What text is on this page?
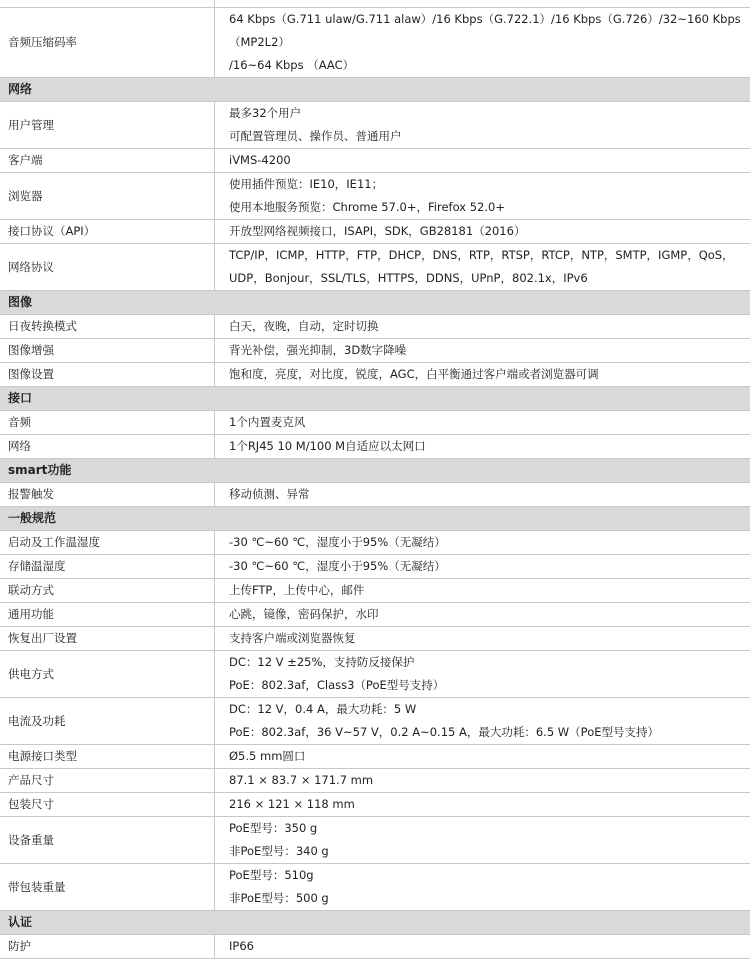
音频压缩码率	64 Kbps（G.711 ulaw/G.711 alaw）/16 Kbps（G.722.1）/16 Kbps（G.726）/32~160 Kbps（MP2L2）
/16~64 Kbps （AAC）

网络	
用户管理	最多32个用户
可配置管理员、操作员、普通用户

客户端	iVMS-4200

浏览器	使用插件预览：IE10，IE11；
使用本地服务预览：Chrome 57.0+，Firefox 52.0+

接口协议（API）	开放型网络视频接口，ISAPI，SDK，GB28181（2016）

网络协议	TCP/IP，ICMP，HTTP，FTP，DHCP，DNS，RTP，RTSP，RTCP，NTP，SMTP，IGMP，QoS，
UDP，Bonjour，SSL/TLS，HTTPS，DDNS，UPnP，802.1x，IPv6

图像	
日夜转换模式	白天，夜晚，自动，定时切换

图像增强	背光补偿，强光抑制，3D数字降噪

图像设置	饱和度，亮度，对比度，锐度，AGC，白平衡通过客户端或者浏览器可调

接口	
音频	1个内置麦克风

网络	1个RJ45 10 M/100 M自适应以太网口

smart功能	
报警触发	移动侦测、异常

一般规范	
启动及工作温湿度	-30 ℃~60 ℃，湿度小于95%（无凝结）

存储温湿度	-30 ℃~60 ℃，湿度小于95%（无凝结）

联动方式	上传FTP，上传中心，邮件

通用功能	心跳，镜像，密码保护，水印

恢复出厂设置	支持客户端或浏览器恢复

供电方式	DC：12 V ±25%，支持防反接保护
PoE：802.3af，Class3（PoE型号支持）

电流及功耗	DC：12 V，0.4 A，最大功耗：5 W
PoE：802.3af，36 V~57 V，0.2 A~0.15 A，最大功耗：6.5 W（PoE型号支持）

电源接口类型	Ø5.5 mm圆口

产品尺寸	87.1 × 83.7 × 171.7 mm

包装尺寸	216 × 121 × 118 mm

设备重量	PoE型号：350 g
非PoE型号：340 g

带包装重量	PoE型号：510g
非PoE型号：500 g

认证	
防护	IP66
